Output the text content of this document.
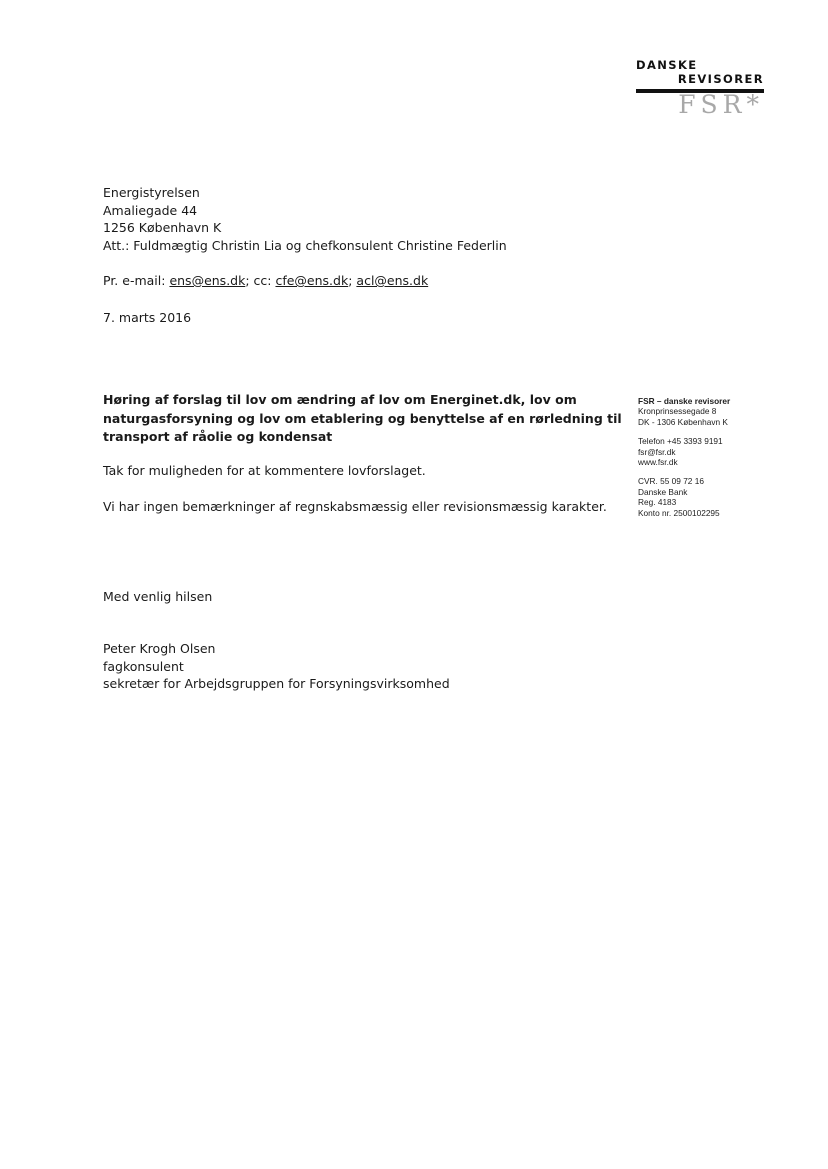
DANSKE
REVISORER
FSR*
Energistyrelsen
Amaliegade 44
1256 København K
Att.: Fuldmægtig Christin Lia og chefkonsulent Christine Federlin
Pr. e-mail: ens@ens.dk; cc: cfe@ens.dk; acl@ens.dk
7. marts 2016
Høring af forslag til lov om ændring af lov om Energinet.dk, lov om
naturgasforsyning og lov om etablering og benyttelse af en rørledning til
transport af råolie og kondensat
Tak for muligheden for at kommentere lovforslaget.
Vi har ingen bemærkninger af regnskabsmæssig eller revisionsmæssig karakter.
FSR – danske revisorer
Kronprinsessegade 8
DK - 1306 København K
Telefon +45 3393 9191
fsr@fsr.dk
www.fsr.dk
CVR. 55 09 72 16
Danske Bank
Reg. 4183
Konto nr. 2500102295
Med venlig hilsen
Peter Krogh Olsen
fagkonsulent
sekretær for Arbejdsgruppen for Forsyningsvirksomhed
